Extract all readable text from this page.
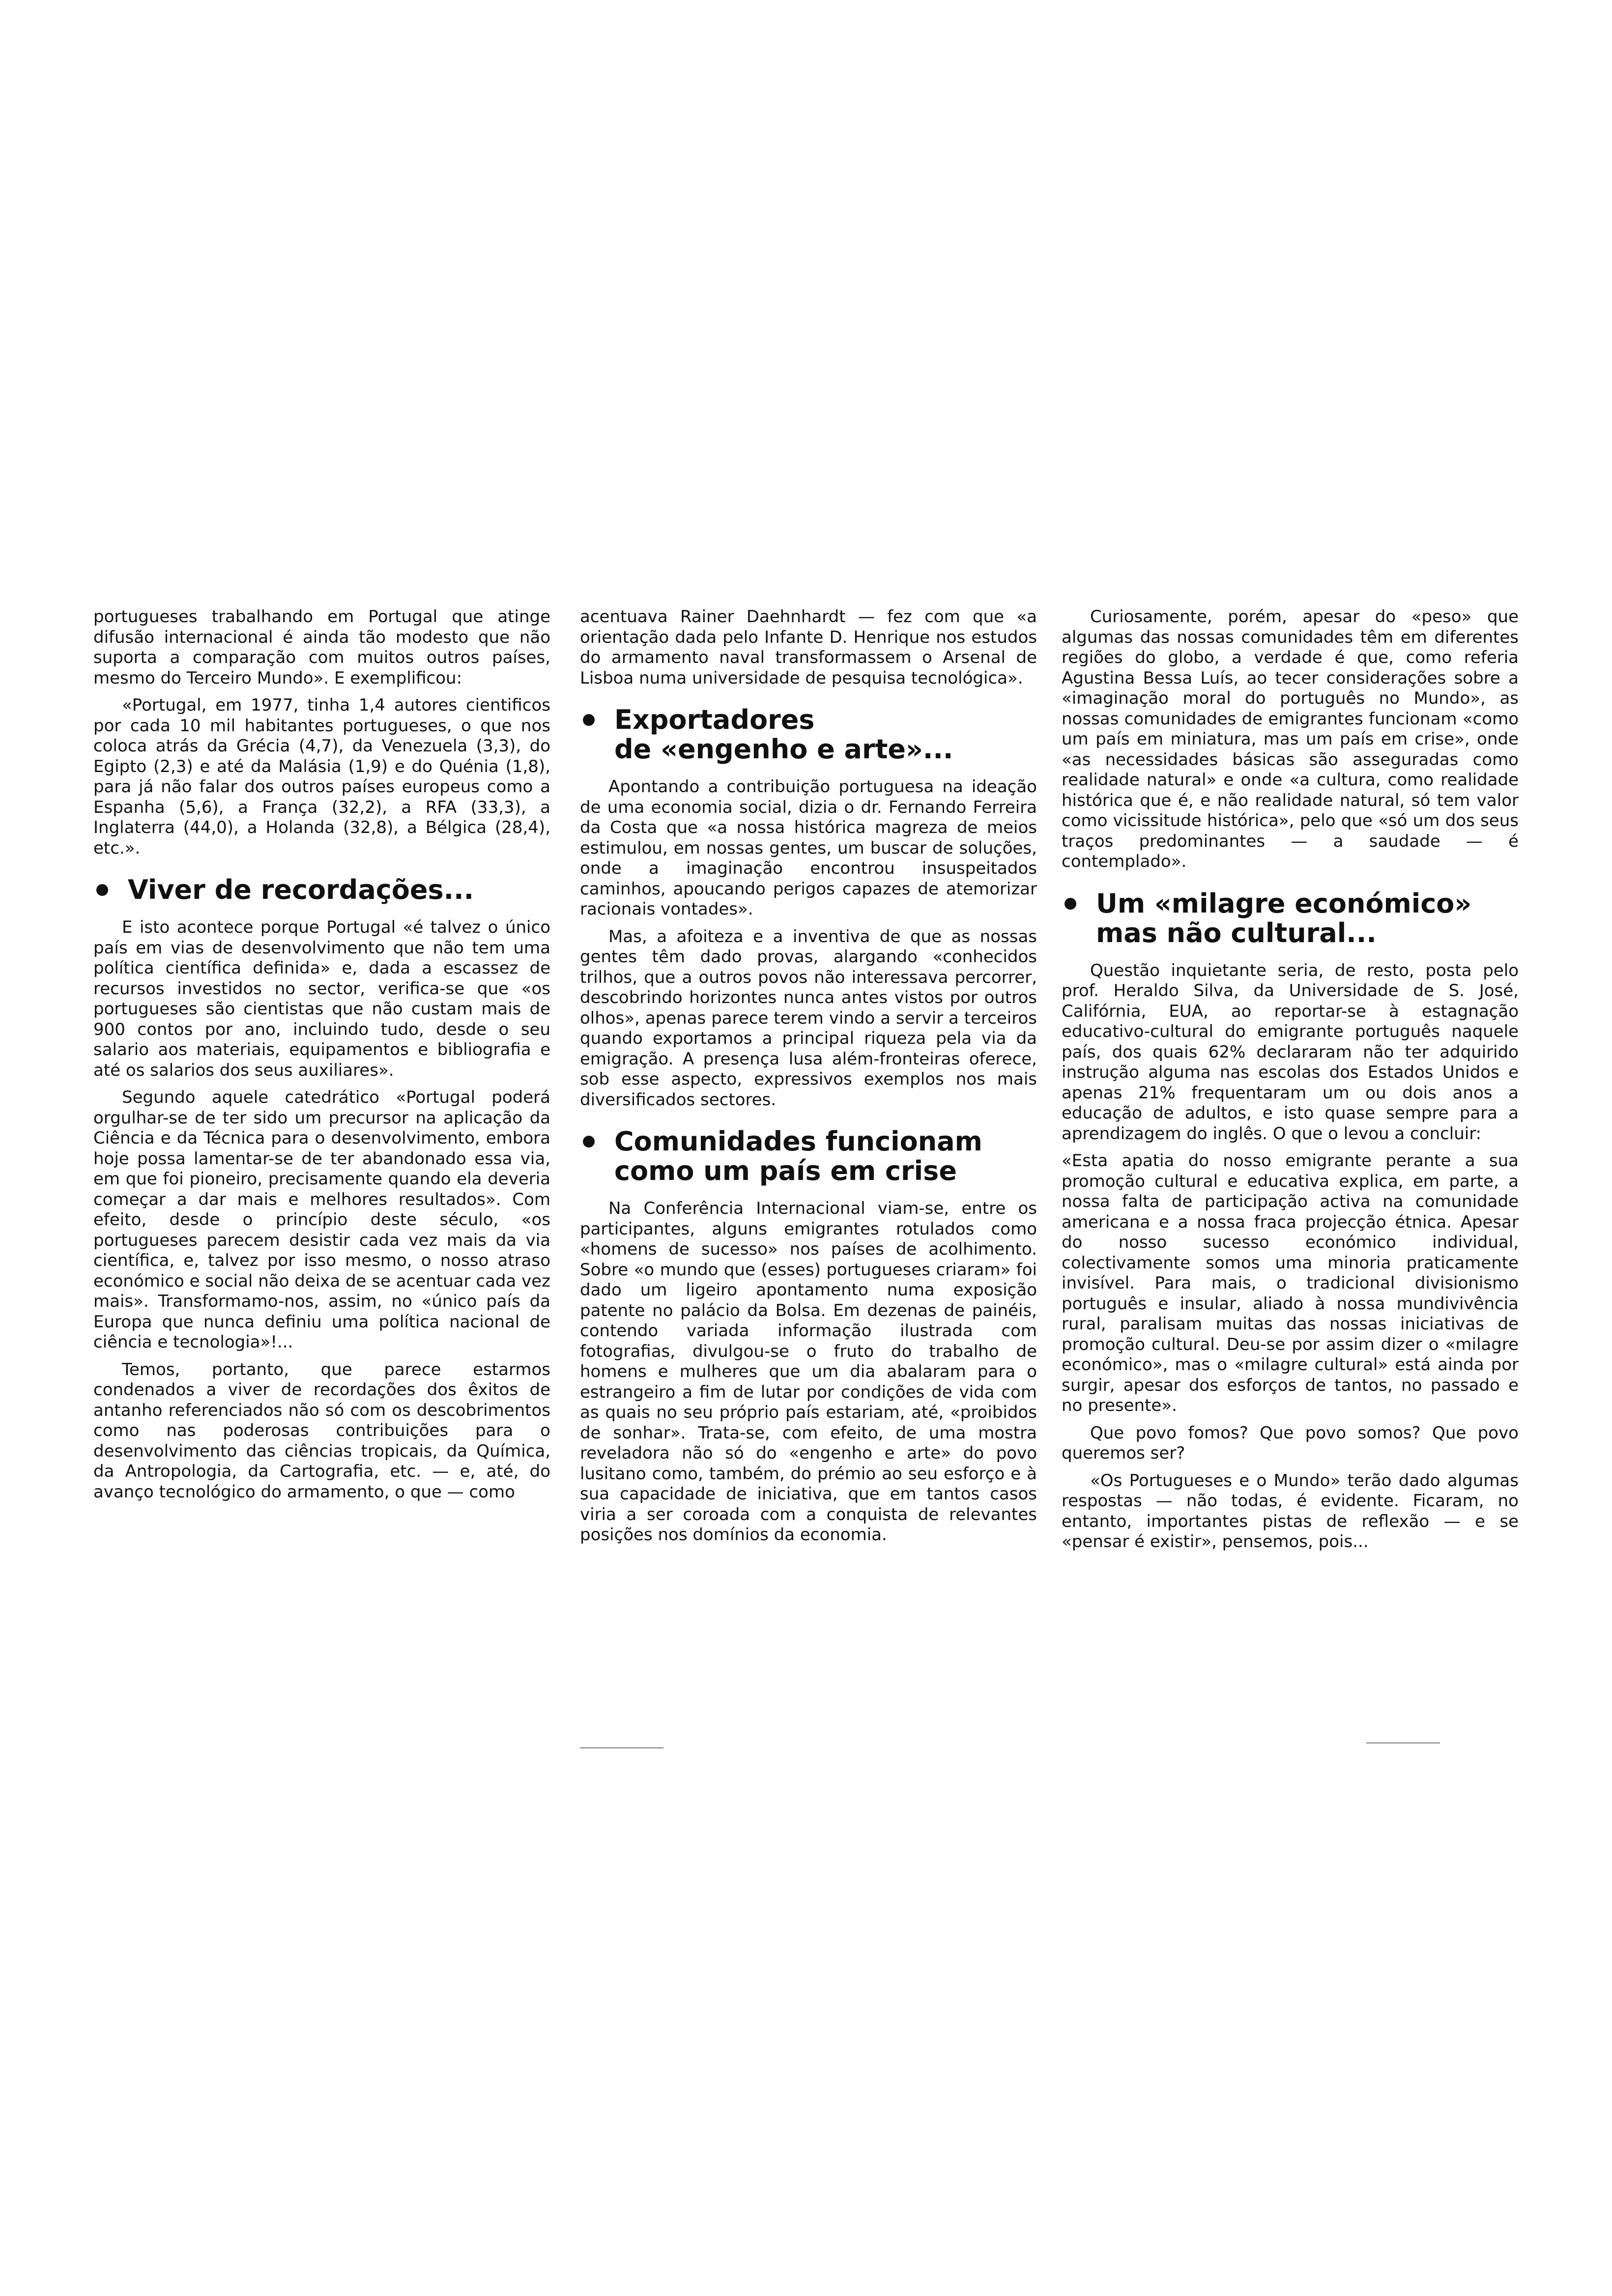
portugueses trabalhando em Portugal que atinge difusão internacional é ainda tão modesto que não suporta a comparação com muitos outros países, mesmo do Terceiro Mundo». E exemplificou:

«Portugal, em 1977, tinha 1,4 autores cientificos por cada 10 mil habitantes portugueses, o que nos coloca atrás da Grécia (4,7), da Venezuela (3,3), do Egipto (2,3) e até da Malásia (1,9) e do Quénia (1,8), para já não falar dos outros países europeus como a Espanha (5,6), a França (32,2), a RFA (33,3), a Inglaterra (44,0), a Holanda (32,8), a Bélgica (28,4), etc.».

Viver de recordações...

E isto acontece porque Portugal «é talvez o único país em vias de desenvolvimento que não tem uma política científica definida» e, dada a escassez de recursos investidos no sector, verifica-se que «os portugueses são cientistas que não custam mais de 900 contos por ano, incluindo tudo, desde o seu salario aos materiais, equipamentos e bibliografia e até os salarios dos seus auxiliares».

Segundo aquele catedrático «Portugal poderá orgulhar-se de ter sido um precursor na aplicação da Ciência e da Técnica para o desenvolvimento, embora hoje possa lamentar-se de ter abandonado essa via, em que foi pioneiro, precisamente quando ela deveria começar a dar mais e melhores resultados». Com efeito, desde o princípio deste século, «os portugueses parecem desistir cada vez mais da via científica, e, talvez por isso mesmo, o nosso atraso económico e social não deixa de se acentuar cada vez mais». Transformamo-nos, assim, no «único país da Europa que nunca definiu uma política nacional de ciência e tecnologia»!...

Temos, portanto, que parece estarmos condenados a viver de recordações dos êxitos de antanho referenciados não só com os descobrimentos como nas poderosas contribuições para o desenvolvimento das ciências tropicais, da Química, da Antropologia, da Cartografia, etc. — e, até, do avanço tecnológico do armamento, o que — como

acentuava Rainer Daehnhardt — fez com que «a orientação dada pelo Infante D. Henrique nos estudos do armamento naval transformassem o Arsenal de Lisboa numa universidade de pesquisa tecnológica».

Exportadores
de «engenho e arte»...

Apontando a contribuição portuguesa na ideação de uma economia social, dizia o dr. Fernando Ferreira da Costa que «a nossa histórica magreza de meios estimulou, em nossas gentes, um buscar de soluções, onde a imaginação encontrou insuspeitados caminhos, apoucando perigos capazes de atemorizar racionais vontades».

Mas, a afoiteza e a inventiva de que as nossas gentes têm dado provas, alargando «conhecidos trilhos, que a outros povos não interessava percorrer, descobrindo horizontes nunca antes vistos por outros olhos», apenas parece terem vindo a servir a terceiros quando exportamos a principal riqueza pela via da emigração. A presença lusa além-fronteiras oferece, sob esse aspecto, expressivos exemplos nos mais diversificados sectores.

Comunidades funcionam
como um país em crise

Na Conferência Internacional viam-se, entre os participantes, alguns emigrantes rotulados como «homens de sucesso» nos países de acolhimento. Sobre «o mundo que (esses) portugueses criaram» foi dado um ligeiro apontamento numa exposição patente no palácio da Bolsa. Em dezenas de painéis, contendo variada informação ilustrada com fotografias, divulgou-se o fruto do trabalho de homens e mulheres que um dia abalaram para o estrangeiro a fim de lutar por condições de vida com as quais no seu próprio país estariam, até, «proibidos de sonhar». Trata-se, com efeito, de uma mostra reveladora não só do «engenho e arte» do povo lusitano como, também, do prémio ao seu esforço e à sua capacidade de iniciativa, que em tantos casos viria a ser coroada com a conquista de relevantes posições nos domínios da economia.

Curiosamente, porém, apesar do «peso» que algumas das nossas comunidades têm em diferentes regiões do globo, a verdade é que, como referia Agustina Bessa Luís, ao tecer considerações sobre a «imaginação moral do português no Mundo», as nossas comunidades de emigrantes funcionam «como um país em miniatura, mas um país em crise», onde «as necessidades básicas são asseguradas como realidade natural» e onde «a cultura, como realidade histórica que é, e não realidade natural, só tem valor como vicissitude histórica», pelo que «só um dos seus traços predominantes — a saudade — é contemplado».

Um «milagre económico»
mas não cultural...

Questão inquietante seria, de resto, posta pelo prof. Heraldo Silva, da Universidade de S. José, Califórnia, EUA, ao reportar-se à estagnação educativo-cultural do emigrante português naquele país, dos quais 62% declararam não ter adquirido instrução alguma nas escolas dos Estados Unidos e apenas 21% frequentaram um ou dois anos a educação de adultos, e isto quase sempre para a aprendizagem do inglês. O que o levou a concluir:

«Esta apatia do nosso emigrante perante a sua promoção cultural e educativa explica, em parte, a nossa falta de participação activa na comunidade americana e a nossa fraca projecção étnica. Apesar do nosso sucesso económico individual, colectivamente somos uma minoria praticamente invisível. Para mais, o tradicional divisionismo português e insular, aliado à nossa mundivivência rural, paralisam muitas das nossas iniciativas de promoção cultural. Deu-se por assim dizer o «milagre económico», mas o «milagre cultural» está ainda por surgir, apesar dos esforços de tantos, no passado e no presente».

Que povo fomos? Que povo somos? Que povo queremos ser?

«Os Portugueses e o Mundo» terão dado algumas respostas — não todas, é evidente. Ficaram, no entanto, importantes pistas de reflexão — e se «pensar é existir», pensemos, pois...
